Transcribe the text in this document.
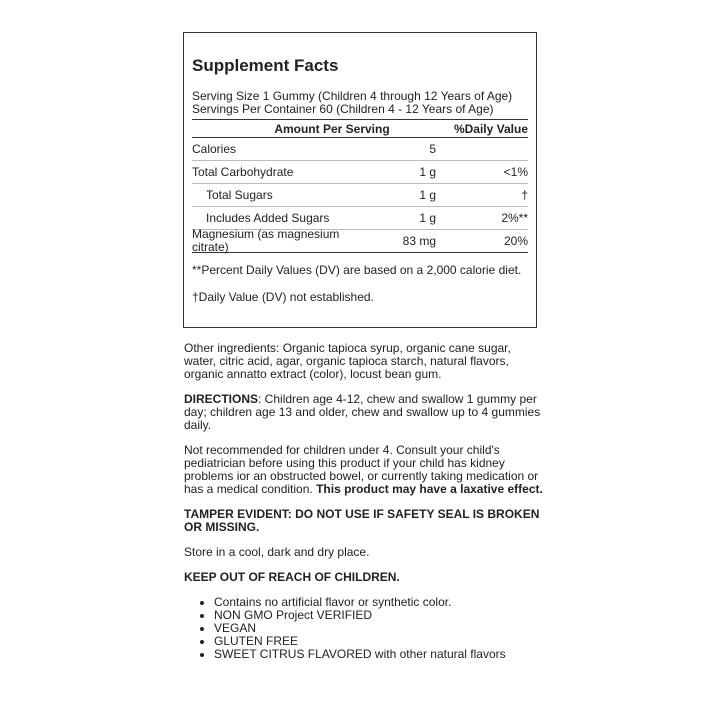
Supplement Facts
Serving Size 1 Gummy (Children 4 through 12 Years of Age)
Servings Per Container 60 (Children 4 - 12 Years of Age)
Amount Per Serving	%Daily Value
Calories	5
Total Carbohydrate	1 g	<1%
Total Sugars	1 g	†
Includes Added Sugars	1 g	2%**
Magnesium (as magnesium citrate)	83 mg	20%
**Percent Daily Values (DV) are based on a 2,000 calorie diet.
†Daily Value (DV) not established.

Other ingredients: Organic tapioca syrup, organic cane sugar, water, citric acid, agar, organic tapioca starch, natural flavors, organic annatto extract (color), locust bean gum.

DIRECTIONS: Children age 4-12, chew and swallow 1 gummy per day; children age 13 and older, chew and swallow up to 4 gummies daily.

Not recommended for children under 4. Consult your child's pediatrician before using this product if your child has kidney problems ior an obstructed bowel, or currently taking medication or has a medical condition. This product may have a laxative effect.

TAMPER EVIDENT: DO NOT USE IF SAFETY SEAL IS BROKEN OR MISSING.

Store in a cool, dark and dry place.

KEEP OUT OF REACH OF CHILDREN.

• Contains no artificial flavor or synthetic color.
• NON GMO Project VERIFIED
• VEGAN
• GLUTEN FREE
• SWEET CITRUS FLAVORED with other natural flavors
